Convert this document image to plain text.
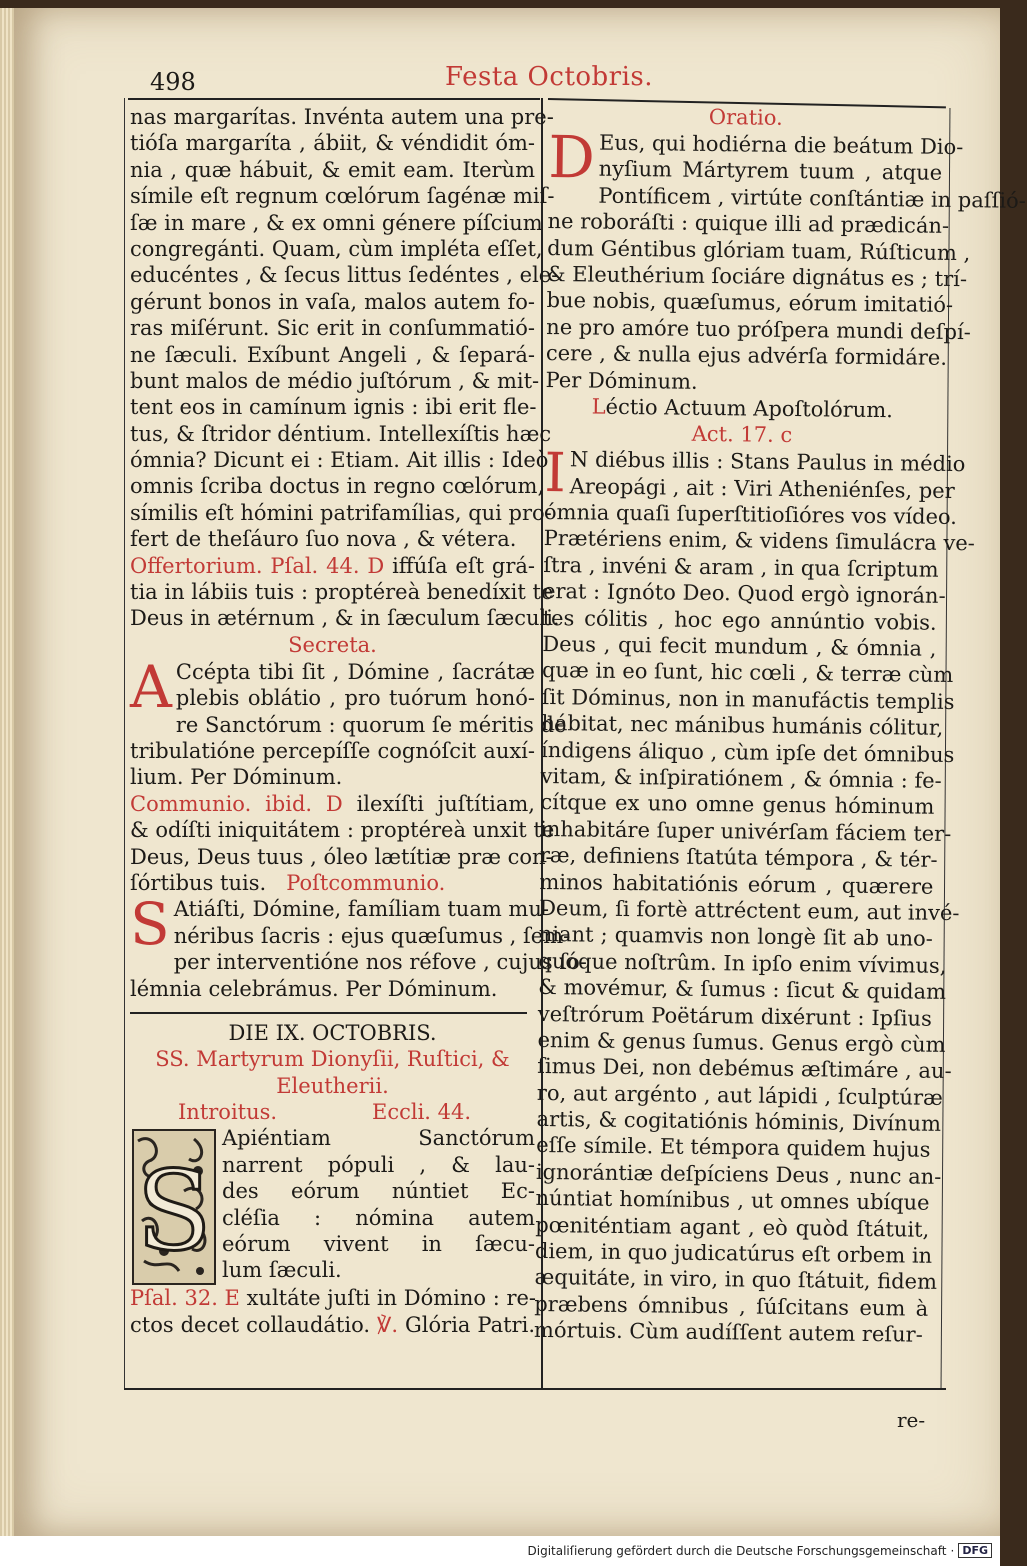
498	Festa Octobris.
nas margarítas. Invénta autem una pre-
tióſa margaríta , ábiit, & véndidit óm-
nia , quæ hábuit, & emit eam. Iterùm
símile eſt regnum cœlórum ſagénæ miſ-
ſæ in mare , & ex omni génere píſcium
congregánti. Quam, cùm impléta eſſet,
educéntes , & ſecus littus ſedéntes , ele-
gérunt bonos in vaſa, malos autem fo-
ras miſérunt. Sic erit in conſummatió-
ne ſæculi. Exíbunt Angeli , & ſepará-
bunt malos de médio juſtórum , & mit-
tent eos in camínum ignis : ibi erit fle-
tus, & ſtridor déntium. Intellexíſtis hæc
ómnia? Dicunt ei : Etiam. Ait illis : Ideò
omnis ſcriba doctus in regno cœlórum,
símilis eſt hómini patrifamílias, qui pro-
fert de theſáuro ſuo nova , & vétera.
Offertorium. Pſal. 44. D iffúſa eſt grá-
tia in lábiis tuis : proptéreà benedíxit te
Deus in ætérnum , & in ſæculum ſæculi.
Secreta.
A Ccépta tibi ſit , Dómine , ſacrátæ
plebis oblátio , pro tuórum honó-
re Sanctórum : quorum ſe méritis de
tribulatióne percepíſſe cognóſcit auxí-
lium. Per Dóminum.
Communio. ibid. D ilexíſti juſtítiam,
& odíſti iniquitátem : proptéreà unxit te
Deus, Deus tuus , óleo lætítiæ præ con-
ſórtibus tuis. Poſtcommunio.
S Atiáſti, Dómine, famíliam tuam mu-
néribus ſacris : ejus quæſumus , ſem-
per interventióne nos réfove , cujus ſo-
lémnia celebrámus. Per Dóminum.
DIE IX. OCTOBRIS.
SS. Martyrum Dionyſii, Ruſtici, &
Eleutherii.
Introitus.	Eccli. 44.
S
Apiéntiam Sanctórum
narrent pópuli , & lau-
des eórum núntiet Ec-
cléſia : nómina autem
eórum vivent in ſæcu-
lum ſæculi.
Pſal. 32. E xultáte juſti in Dómino : re-
ctos decet collaudátio. ℣. Glória Patri.
Oratio.
D Eus, qui hodiérna die beátum Dio-
nyſium Mártyrem tuum , atque
Pontíficem , virtúte conſtántiæ in paſſió-
ne roboráſti : quique illi ad prædicán-
dum Géntibus glóriam tuam, Rúſticum ,
& Eleuthérium ſociáre dignátus es ; trí-
bue nobis, quæſumus, eórum imitatió-
ne pro amóre tuo próſpera mundi deſpí-
cere , & nulla ejus advérſa formidáre.
Per Dóminum.
Léctio Actuum Apoſtolórum.
Act. 17. c
I N diébus illis : Stans Paulus in médio
Areopági , ait : Viri Atheniénſes, per
ómnia quaſi ſuperſtitioſióres vos vídeo.
Prætériens enim, & videns ſimulácra ve-
ſtra , invéni & aram , in qua ſcriptum
erat : Ignóto Deo. Quod ergò ignorán-
tes cólitis , hoc ego annúntio vobis.
Deus , qui fecit mundum , & ómnia ,
quæ in eo ſunt, hic cœli , & terræ cùm
ſit Dóminus, non in manufáctis templis
hábitat, nec mánibus humánis cólitur,
índigens áliquo , cùm ipſe det ómnibus
vitam, & inſpiratiónem , & ómnia : fe-
cítque ex uno omne genus hóminum
inhabitáre ſuper univérſam fáciem ter-
ræ, definiens ſtatúta témpora , & tér-
minos habitatiónis eórum , quærere
Deum, ſi fortè attréctent eum, aut invé-
niant ; quamvis non longè ſit ab uno-
quóque noſtrûm. In ipſo enim vívimus,
& movémur, & ſumus : ſicut & quidam
veſtrórum Poëtárum dixérunt : Ipſius
enim & genus ſumus. Genus ergò cùm
ſimus Dei, non debémus æſtimáre , au-
ro, aut argénto , aut lápidi , ſculptúræ
artis, & cogitatiónis hóminis, Divínum
eſſe símile. Et témpora quidem hujus
ignorántiæ deſpíciens Deus , nunc an-
núntiat homínibus , ut omnes ubíque
pœniténtiam agant , eò quòd ſtátuit,
diem, in quo judicatúrus eſt orbem in
æquitáte, in viro, in quo ſtátuit, fidem
præbens ómnibus , ſúſcitans eum à
mórtuis. Cùm audíſſent autem reſur-
re-
Digitaliſierung gefördert durch die Deutsche Forschungsgemeinschaft · DFG
